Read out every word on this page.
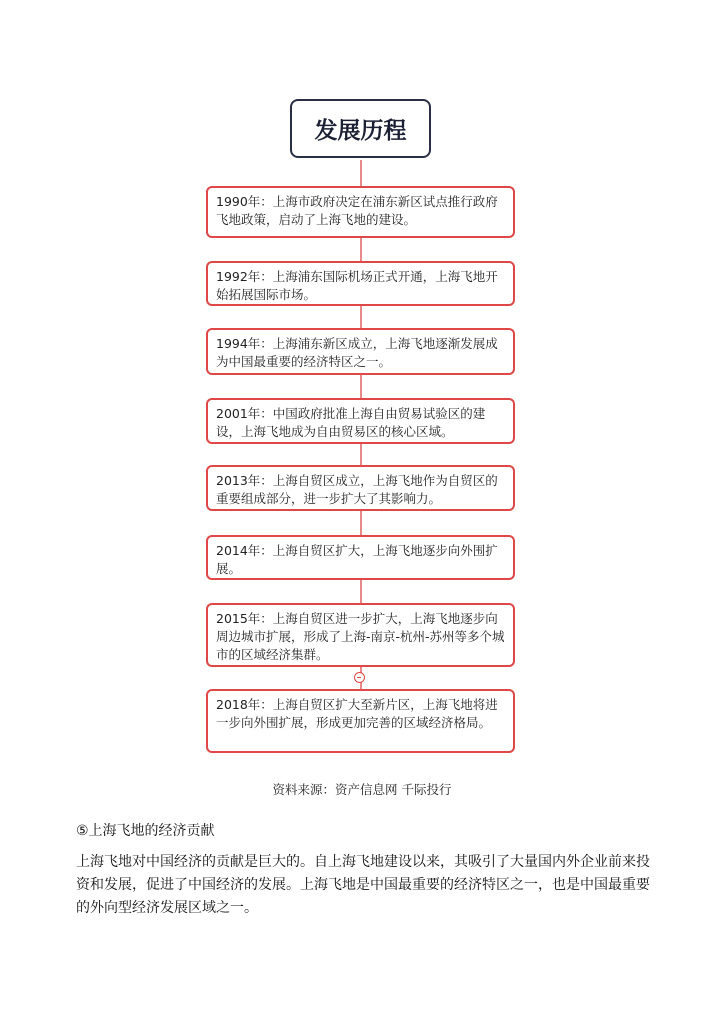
发展历程
1990年：上海市政府决定在浦东新区试点推行政府飞地政策，启动了上海飞地的建设。
1992年：上海浦东国际机场正式开通，上海飞地开始拓展国际市场。
1994年：上海浦东新区成立，上海飞地逐渐发展成为中国最重要的经济特区之一。
2001年：中国政府批准上海自由贸易试验区的建设，上海飞地成为自由贸易区的核心区域。
2013年：上海自贸区成立，上海飞地作为自贸区的重要组成部分，进一步扩大了其影响力。
2014年：上海自贸区扩大，上海飞地逐步向外围扩展。
2015年：上海自贸区进一步扩大，上海飞地逐步向周边城市扩展，形成了上海-南京-杭州-苏州等多个城市的区域经济集群。
2018年：上海自贸区扩大至新片区，上海飞地将进一步向外围扩展，形成更加完善的区域经济格局。
资料来源：资产信息网 千际投行
⑤上海飞地的经济贡献
上海飞地对中国经济的贡献是巨大的。自上海飞地建设以来，其吸引了大量国内外企业前来投资和发展，促进了中国经济的发展。上海飞地是中国最重要的经济特区之一，也是中国最重要的外向型经济发展区域之一。
